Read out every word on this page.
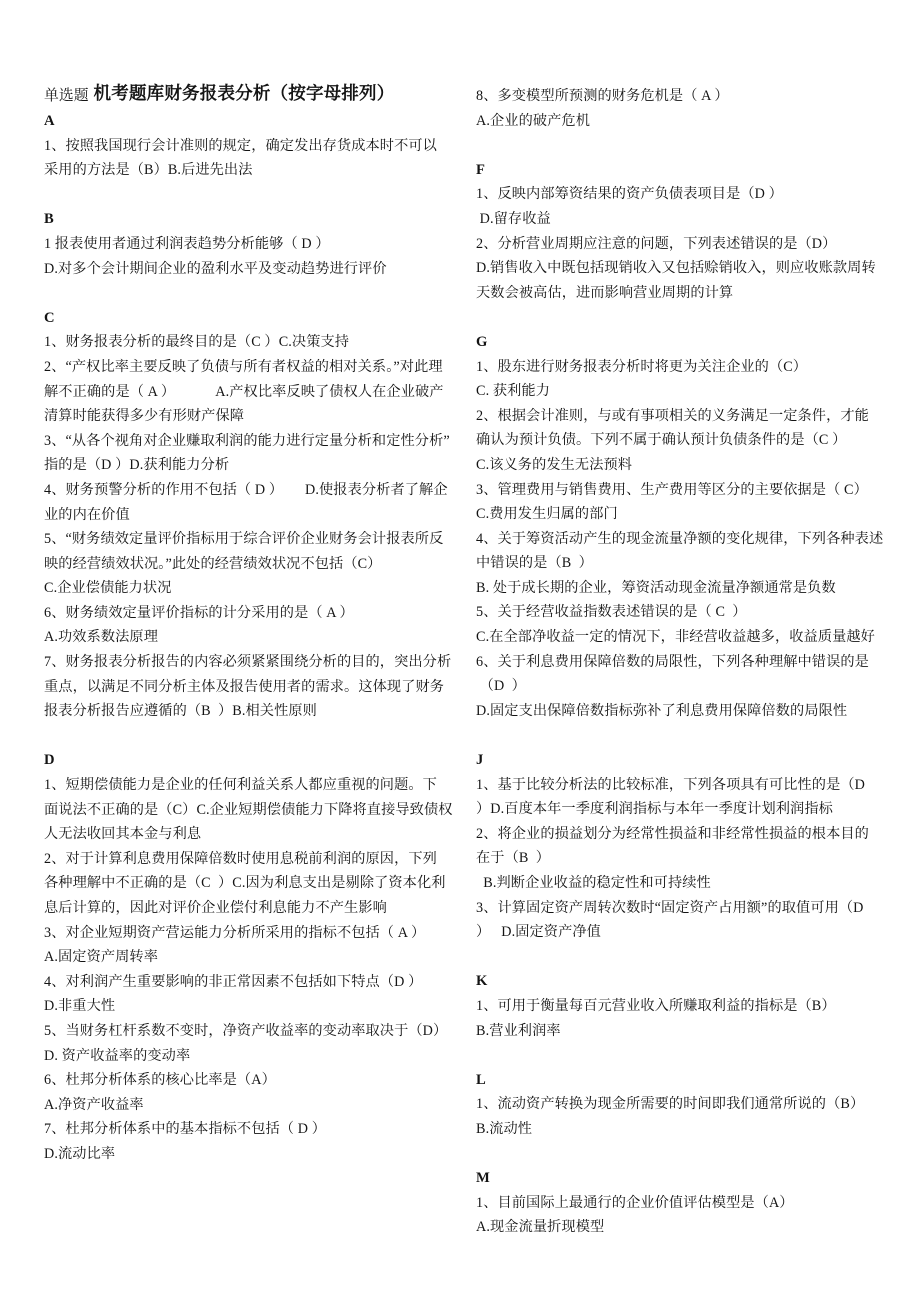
机考题库财务报表分析（按字母排列）
单选题
A
1、按照我国现行会计准则的规定，确定发出存货成本时不可以
采用的方法是（B）B.后进先出法

B
1 报表使用者通过利润表趋势分析能够（ D ）
D.对多个会计期间企业的盈利水平及变动趋势进行评价

C
1、财务报表分析的最终目的是（C ）C.决策支持
2、“产权比率主要反映了负债与所有者权益的相对关系。”对此理
解不正确的是（ A ）           A.产权比率反映了债权人在企业破产
清算时能获得多少有形财产保障
3、“从各个视角对企业赚取利润的能力进行定量分析和定性分析”
指的是（D ）D.获利能力分析
4、财务预警分析的作用不包括（ D ）      D.使报表分析者了解企
业的内在价值
5、“财务绩效定量评价指标用于综合评价企业财务会计报表所反
映的经营绩效状况。”此处的经营绩效状况不包括（C）
C.企业偿债能力状况
6、财务绩效定量评价指标的计分采用的是（ A ）
A.功效系数法原理
7、财务报表分析报告的内容必须紧紧围绕分析的目的，突出分析
重点，以满足不同分析主体及报告使用者的需求。这体现了财务
报表分析报告应遵循的（B  ）B.相关性原则

D
1、短期偿债能力是企业的任何利益关系人都应重视的问题。下
面说法不正确的是（C）C.企业短期偿债能力下降将直接导致债权
人无法收回其本金与利息
2、对于计算利息费用保障倍数时使用息税前利润的原因，下列
各种理解中不正确的是（C  ）C.因为利息支出是剔除了资本化利
息后计算的，因此对评价企业偿付利息能力不产生影响
3、对企业短期资产营运能力分析所采用的指标不包括（ A ）
A.固定资产周转率
4、对利润产生重要影响的非正常因素不包括如下特点（D ）
D.非重大性
5、当财务杠杆系数不变时，净资产收益率的变动率取决于（D）
D. 资产收益率的变动率
6、杜邦分析体系的核心比率是（A）
A.净资产收益率
7、杜邦分析体系中的基本指标不包括（ D ）
D.流动比率
8、多变模型所预测的财务危机是（ A ）
A.企业的破产危机

F
1、反映内部筹资结果的资产负债表项目是（D ）
D.留存收益
2、分析营业周期应注意的问题，下列表述错误的是（D）
D.销售收入中既包括现销收入又包括赊销收入，则应收账款周转
天数会被高估，进而影响营业周期的计算

G
1、股东进行财务报表分析时将更为关注企业的（C）
C. 获利能力
2、根据会计准则，与或有事项相关的义务满足一定条件，才能
确认为预计负债。下列不属于确认预计负债条件的是（C ）
C.该义务的发生无法预料
3、管理费用与销售费用、生产费用等区分的主要依据是（ C）
C.费用发生归属的部门
4、关于筹资活动产生的现金流量净额的变化规律，下列各种表述
中错误的是（B  ）
B. 处于成长期的企业，筹资活动现金流量净额通常是负数
5、关于经营收益指数表述错误的是（ C  ）
C.在全部净收益一定的情况下，非经营收益越多，收益质量越好
6、关于利息费用保障倍数的局限性，下列各种理解中错误的是
（D  ）
D.固定支出保障倍数指标弥补了利息费用保障倍数的局限性

J
1、基于比较分析法的比较标准，下列各项具有可比性的是（D
）D.百度本年一季度利润指标与本年一季度计划利润指标
2、将企业的损益划分为经常性损益和非经常性损益的根本目的
在于（B  ）
B.判断企业收益的稳定性和可持续性
3、计算固定资产周转次数时“固定资产占用额”的取值可用（D
）   D.固定资产净值

K
1、可用于衡量每百元营业收入所赚取利益的指标是（B）
B.营业利润率

L
1、流动资产转换为现金所需要的时间即我们通常所说的（B）
B.流动性

M
1、目前国际上最通行的企业价值评估模型是（A）
A.现金流量折现模型
